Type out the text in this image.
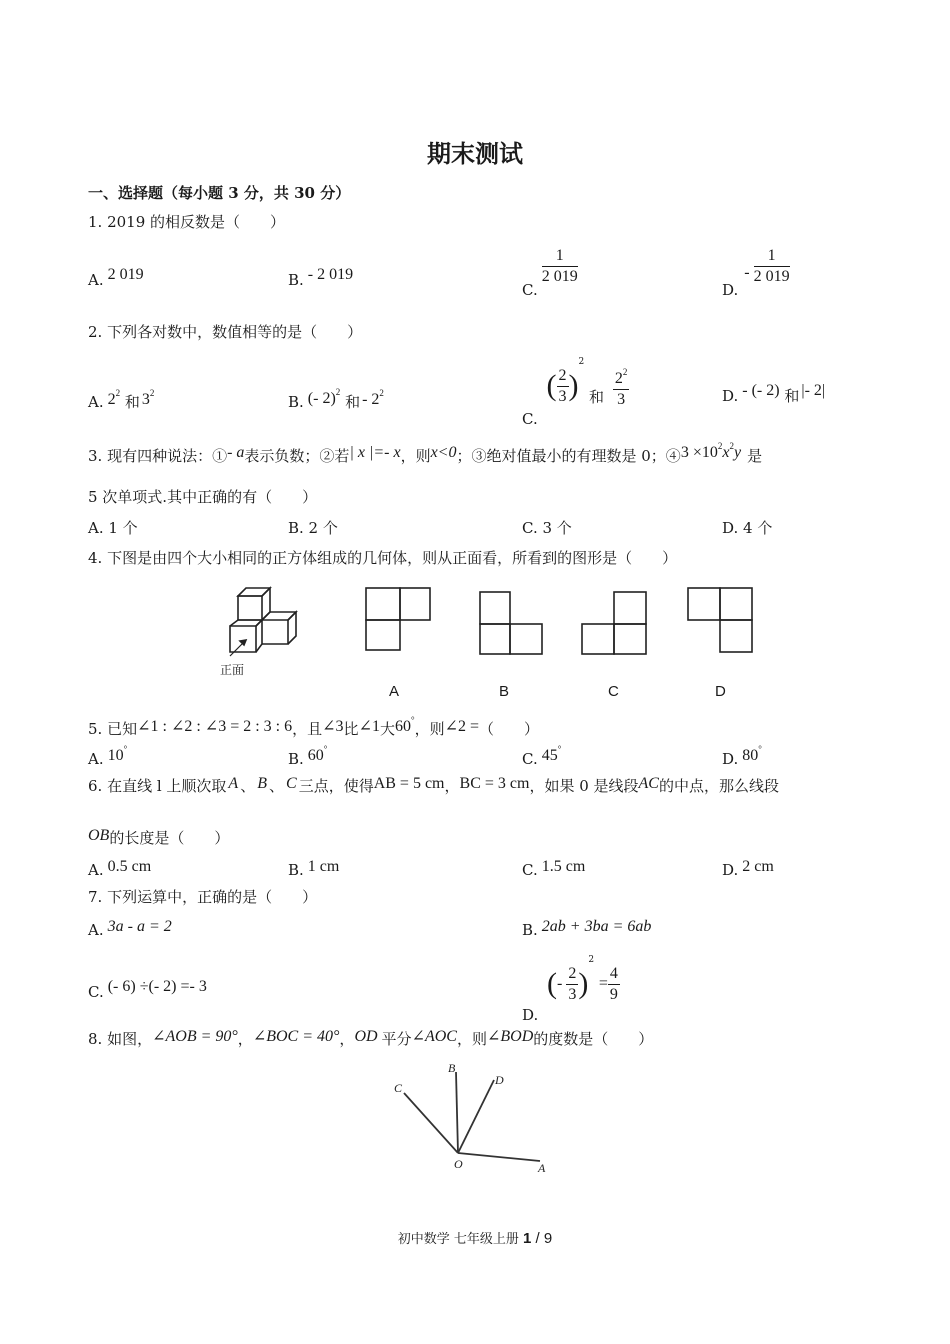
期末测试
一、选择题（每小题 3 分，共 30 分）
1. 2019 的相反数是（　　）
A. 2 019	B. - 2 019
C.
$\frac{1}{2 019}$
$D.- \frac{1}{2 019}$
2. 下列各对数中，数值相等的是（　　）
A. $2^2$ 和 $3^2$	B. (- 2)$^2$ 和 - $2^2$
C. ( $\frac{2}{3} )^2$ 和 $\frac{2^2}{3}$	D. - (- 2) 和 |- 2|
3. 现有四种说法：①- a表示负数；②若| x |=- x，则x<0；③绝对值最小的有理数是 0；④3 $\times 10^2x^2y$ 是
5 次单项式.其中正确的有（　　）
A. 1 个	B. 2 个	C. 3 个	D. 4 个
4. 下图是由四个大小相同的正方体组成的几何体，则从正面看，所看到的图形是（　　）
正面
A	B	C	D
5. 已知∠1 : ∠2 : ∠3 = 2 : 3 : 6，且∠3比∠1大60°，则∠2 =（　　）
A. 10°
B. 60°
C. 45°
D. 80°
6. 在直线 l 上顺次取 A 、 B 、 C 三点，使得AB = 5 cm，BC = 3 cm，如果 0 是线段AC的中点，那么线段
OB的长度是（　　）
A. 0.5 cm	B. 1 cm	C. 1.5 cm	D. 2 cm
7. 下列运算中，正确的是（　　）
A. 3a - a = 2	B. 2ab + 3ba = 6ab
C. (- 6) ÷(- 2) =- 3
D. (- $\frac{2}{3} )^2 = \frac{4}{9}$
8. 如图，∠AOB = 90°，∠BOC = 40°，OD 平分∠AOC，则∠BOD的度数是（　　）
C
B
D
O	A
初中数学 七年级上册 1 / 9
